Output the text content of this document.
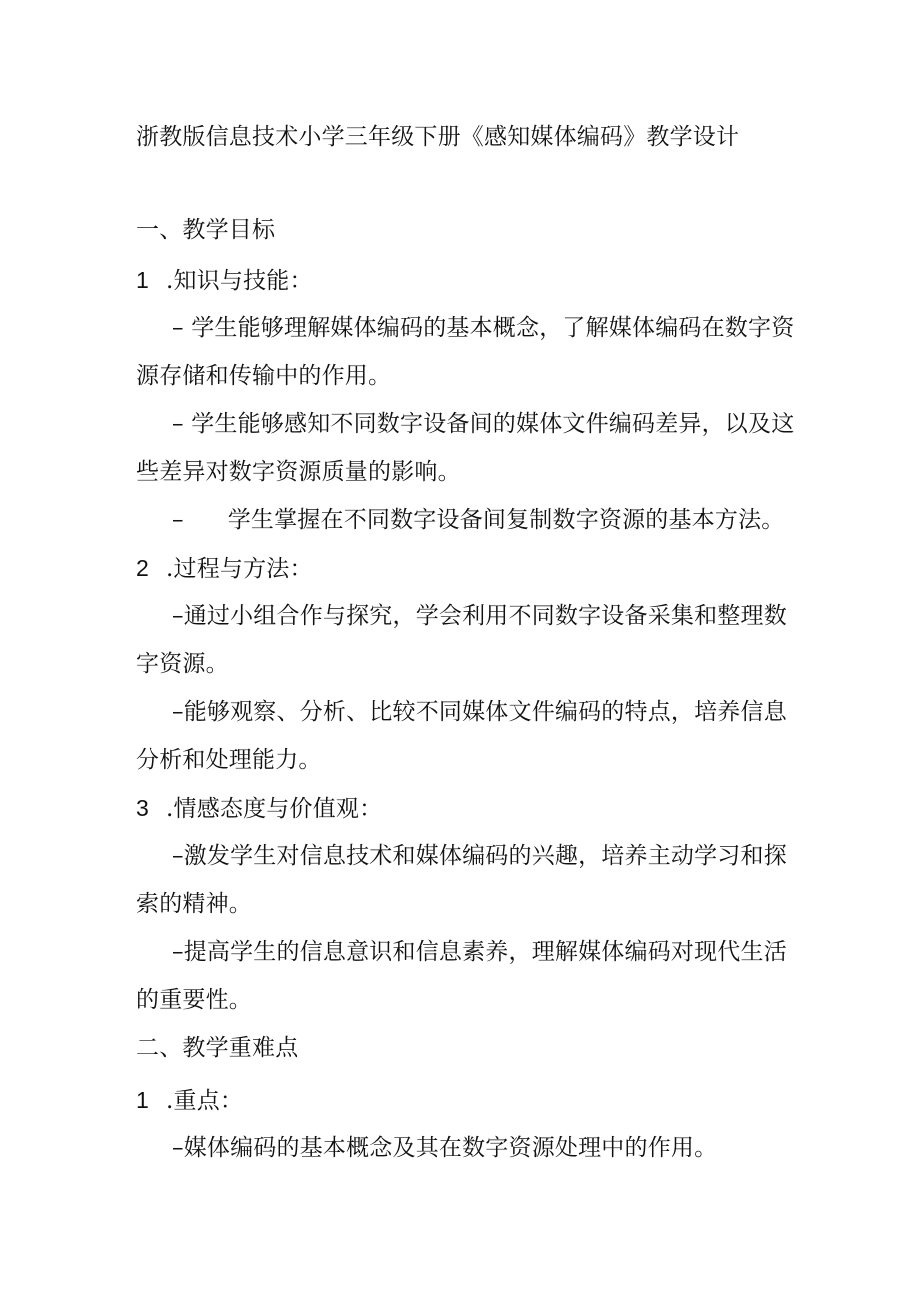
浙教版信息技术小学三年级下册《感知媒体编码》教学设计
一、教学目标
1 .知识与技能：
– 学生能够理解媒体编码的基本概念，了解媒体编码在数字资
源存储和传输中的作用。
– 学生能够感知不同数字设备间的媒体文件编码差异，以及这
些差异对数字资源质量的影响。
– 学生掌握在不同数字设备间复制数字资源的基本方法。
2 .过程与方法：
–通过小组合作与探究，学会利用不同数字设备采集和整理数
字资源。
–能够观察、分析、比较不同媒体文件编码的特点，培养信息
分析和处理能力。
3 .情感态度与价值观：
–激发学生对信息技术和媒体编码的兴趣，培养主动学习和探
索的精神。
–提高学生的信息意识和信息素养，理解媒体编码对现代生活
的重要性。
二、教学重难点
1 .重点：
–媒体编码的基本概念及其在数字资源处理中的作用。
